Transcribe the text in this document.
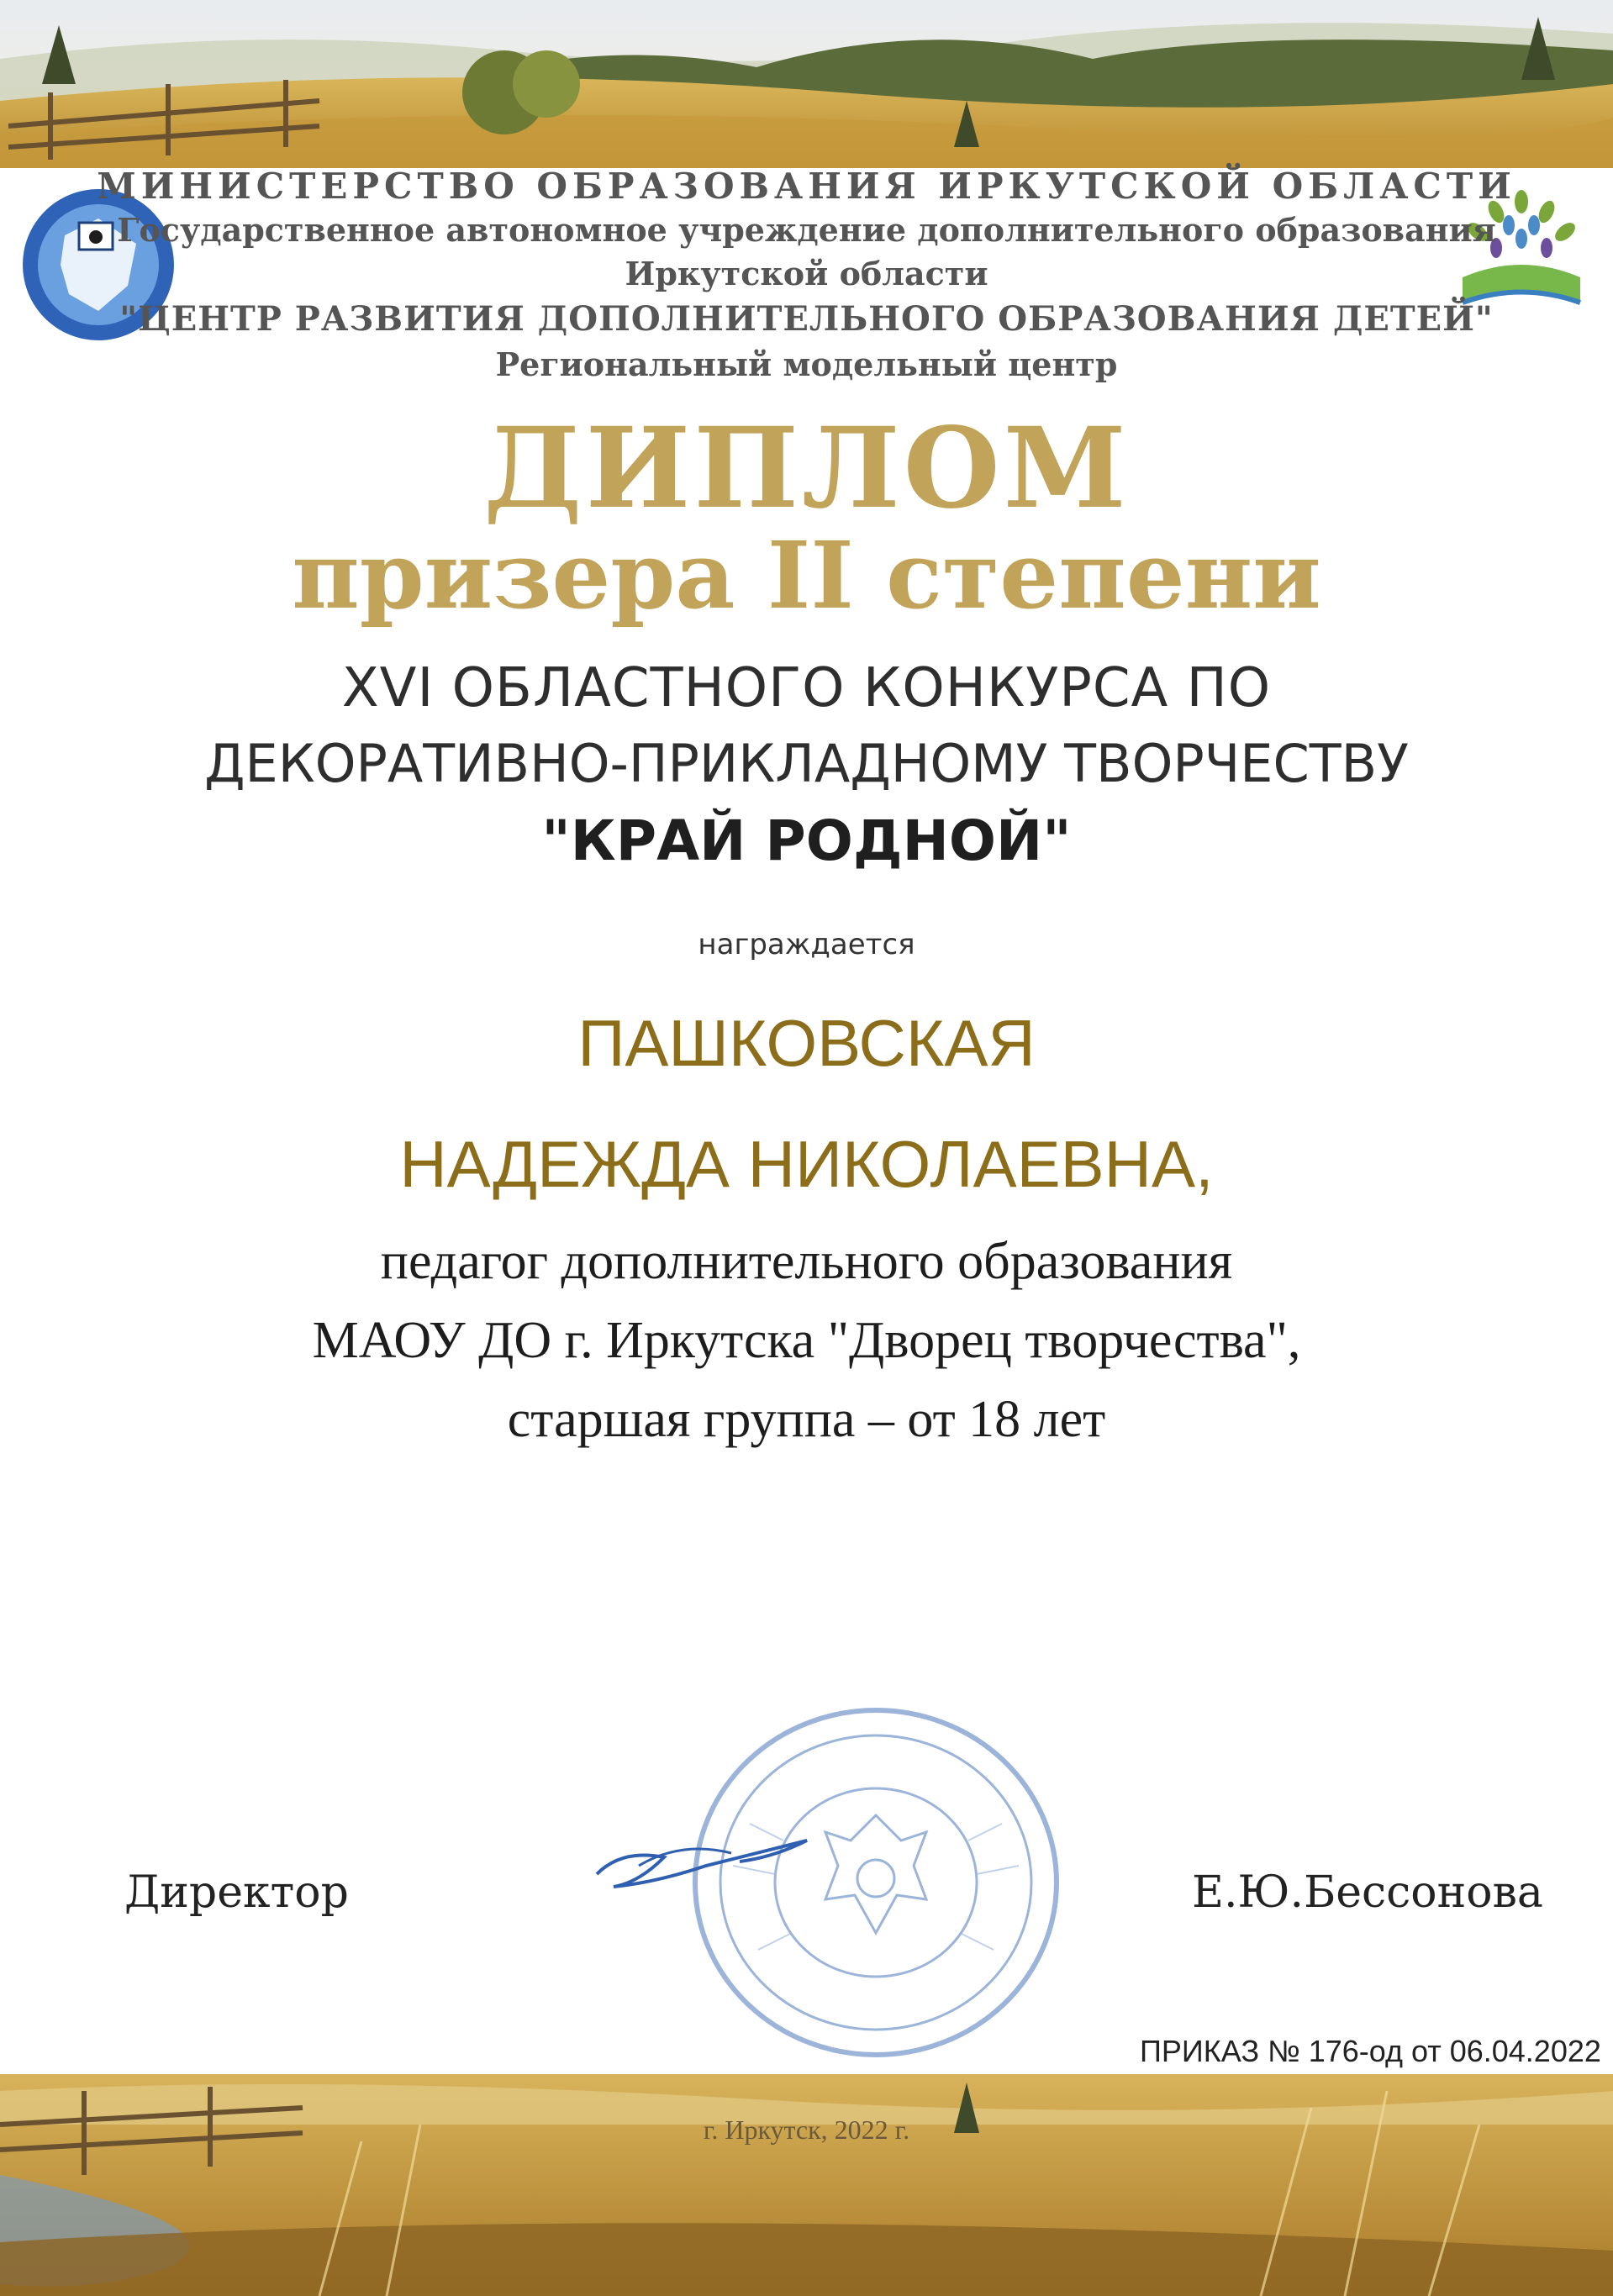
МИНИСТЕРСТВО ОБРАЗОВАНИЯ ИРКУТСКОЙ ОБЛАСТИ
Государственное автономное учреждение дополнительного образования
Иркутской области
"ЦЕНТР РАЗВИТИЯ ДОПОЛНИТЕЛЬНОГО ОБРАЗОВАНИЯ ДЕТЕЙ"
Региональный модельный центр
ДИПЛОМ
призера II степени
XVI ОБЛАСТНОГО КОНКУРСА ПО
ДЕКОРАТИВНО-ПРИКЛАДНОМУ ТВОРЧЕСТВУ
"КРАЙ РОДНОЙ"
награждается
ПАШКОВСКАЯ
НАДЕЖДА НИКОЛАЕВНА,
педагог дополнительного образования
МАОУ ДО г. Иркутска "Дворец творчества",
старшая группа – от 18 лет
Директор	Е.Ю.Бессонова
ПРИКАЗ № 176-од от 06.04.2022
г. Иркутск, 2022 г.
